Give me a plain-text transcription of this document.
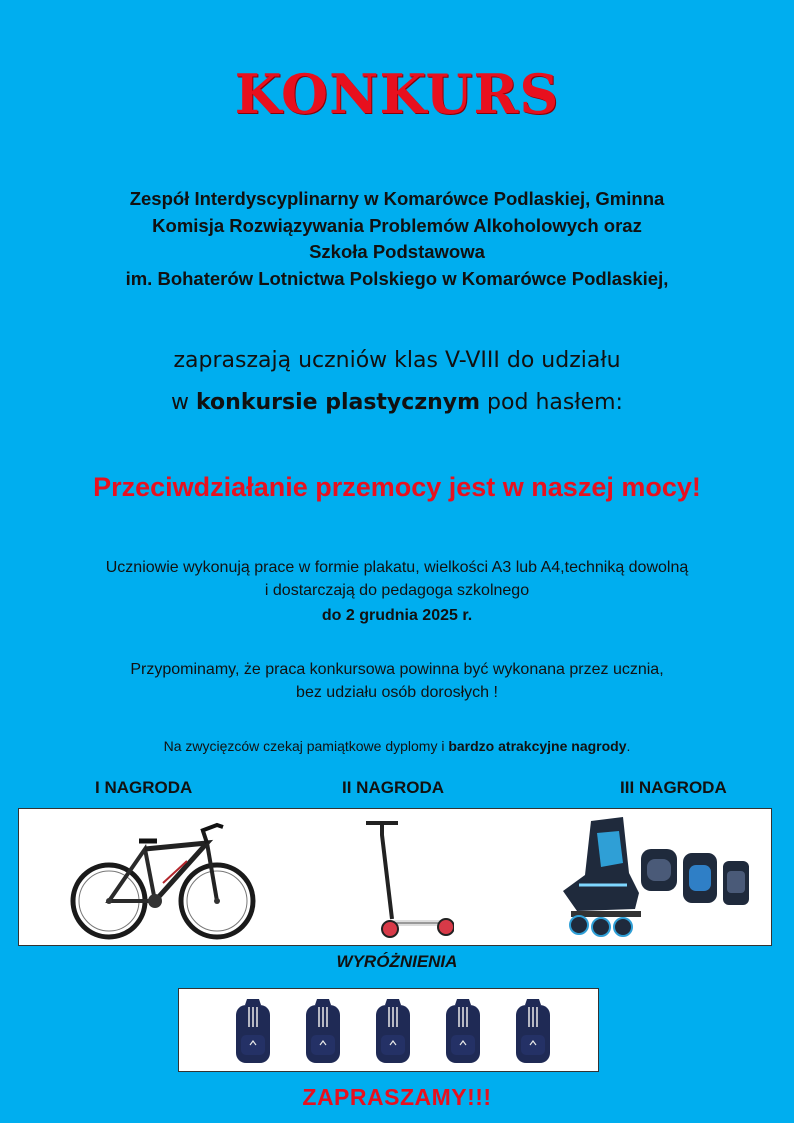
KONKURS
Zespół Interdyscyplinarny w Komarówce Podlaskiej, Gminna
Komisja Rozwiązywania Problemów Alkoholowych oraz
Szkoła Podstawowa
im. Bohaterów Lotnictwa Polskiego w Komarówce Podlaskiej,
zapraszają uczniów klas V-VIII do udziału
w konkursie plastycznym pod hasłem:
Przeciwdziałanie przemocy jest w naszej mocy!
Uczniowie wykonują prace w formie plakatu, wielkości A3 lub A4,techniką dowolną
i dostarczają do pedagoga szkolnego
do 2 grudnia 2025 r.
Przypominamy, że praca konkursowa powinna być wykonana przez ucznia,
bez udziału osób dorosłych !
Na zwycięzców czekaj pamiątkowe dyplomy i bardzo atrakcyjne nagrody.
I NAGRODA	II NAGRODA	III NAGRODA
WYRÓŻNIENIA
ZAPRASZAMY!!!
